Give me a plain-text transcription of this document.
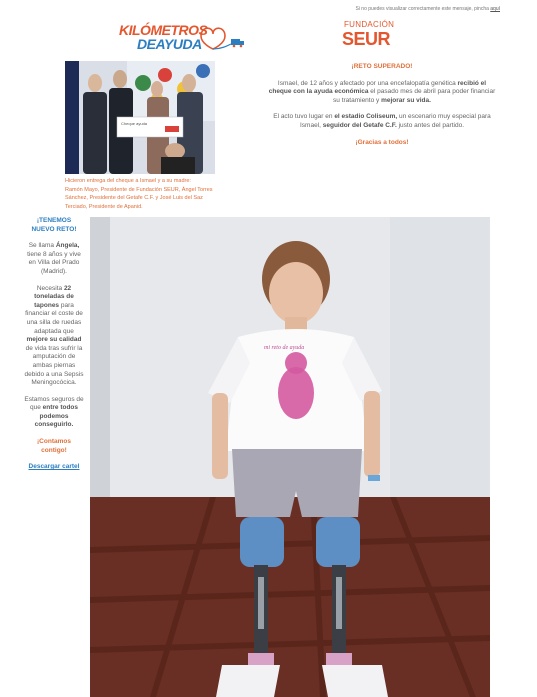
Si no puedes visualizar correctamente este mensaje, pincha aquí
KILÓMETROS
DEAYUDA
FUNDACIÓN
SEUR
Cheque ayuda
Hicieron entrega del cheque a Ismael y a su madre:
Ramón Mayo, Presidente de Fundación SEUR, Ángel Torres Sánchez, Presidente del Getafe C.F. y José Luis del Saz Terciado, Presidente de Apanid.
¡RETO SUPERADO!

Ismael, de 12 años y afectado por una encefalopatía genética recibió el cheque con la ayuda económica el pasado mes de abril para poder financiar su tratamiento y mejorar su vida.

El acto tuvo lugar en el estadio Coliseum, un escenario muy especial para Ismael, seguidor del Getafe C.F. justo antes del partido.

¡Gracias a todos!

¡TENEMOS
NUEVO RETO!

Se llama Ángela, tiene 8 años y vive en Villa del Prado (Madrid).

Necesita 22 toneladas de tapones para financiar el coste de una silla de ruedas adaptada que mejore su calidad de vida tras sufrir la amputación de ambas piernas debido a una Sepsis Meningocócica.

Estamos seguros de que entre todos podemos conseguirlo.

¡Contamos
contigo!

Descargar cartel

mi reto de ayuda
